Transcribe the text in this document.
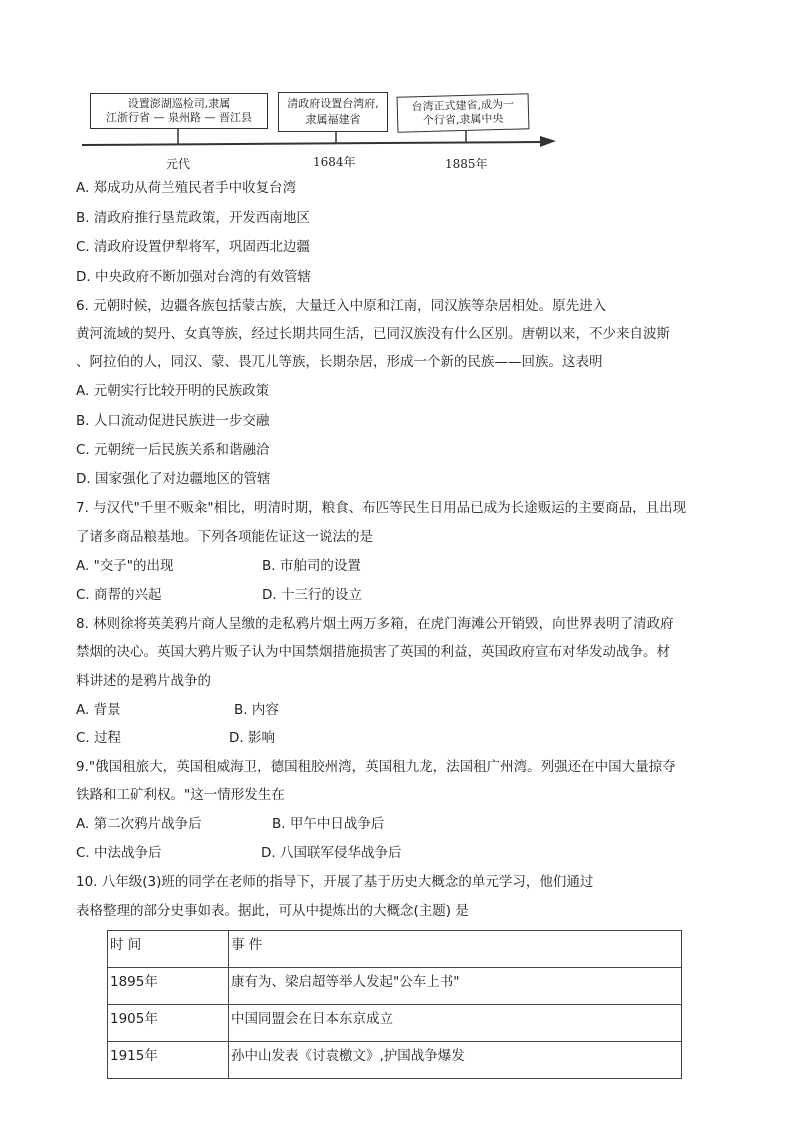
设置澎湖巡检司,隶属
江浙行省 — 泉州路 — 晋江县
清政府设置台湾府,
隶属福建省
台湾正式建省,成为一
个行省,隶属中央
元代	1684年	1885年
A. 郑成功从荷兰殖民者手中收复台湾
B. 清政府推行垦荒政策，开发西南地区
C. 清政府设置伊犁将军，巩固西北边疆
D. 中央政府不断加强对台湾的有效管辖
6. 元朝时候，边疆各族包括蒙古族，大量迁入中原和江南，同汉族等杂居相处。原先进入
黄河流域的契丹、女真等族，经过长期共同生活，已同汉族没有什么区别。唐朝以来，不少来自波斯
、阿拉伯的人，同汉、蒙、畏兀儿等族，长期杂居，形成一个新的民族——回族。这表明
A. 元朝实行比较开明的民族政策
B. 人口流动促进民族进一步交融
C. 元朝统一后民族关系和谐融洽
D. 国家强化了对边疆地区的管辖
7. 与汉代"千里不贩籴"相比，明清时期，粮食、布匹等民生日用品已成为长途贩运的主要商品，且出现
了诸多商品粮基地。下列各项能佐证这一说法的是
A. "交子"的出现	B. 市舶司的设置
C. 商帮的兴起	D. 十三行的设立
8. 林则徐将英美鸦片商人呈缴的走私鸦片烟土两万多箱，在虎门海滩公开销毁，向世界表明了清政府
禁烟的决心。英国大鸦片贩子认为中国禁烟措施损害了英国的利益，英国政府宣布对华发动战争。材
料讲述的是鸦片战争的
A. 背景	B. 内容
C. 过程	D. 影响
9."俄国租旅大，英国租威海卫，德国租胶州湾，英国租九龙，法国租广州湾。列强还在中国大量掠夺
铁路和工矿利权。"这一情形发生在
A. 第二次鸦片战争后	B. 甲午中日战争后
C. 中法战争后	D. 八国联军侵华战争后
10. 八年级(3)班的同学在老师的指导下，开展了基于历史大概念的单元学习，他们通过
表格整理的部分史事如表。据此，可从中提炼出的大概念(主题) 是
时 间	事 件
1895年	康有为、梁启超等举人发起"公车上书"
1905年	中国同盟会在日本东京成立
1915年	孙中山发表《讨袁檄文》,护国战争爆发
